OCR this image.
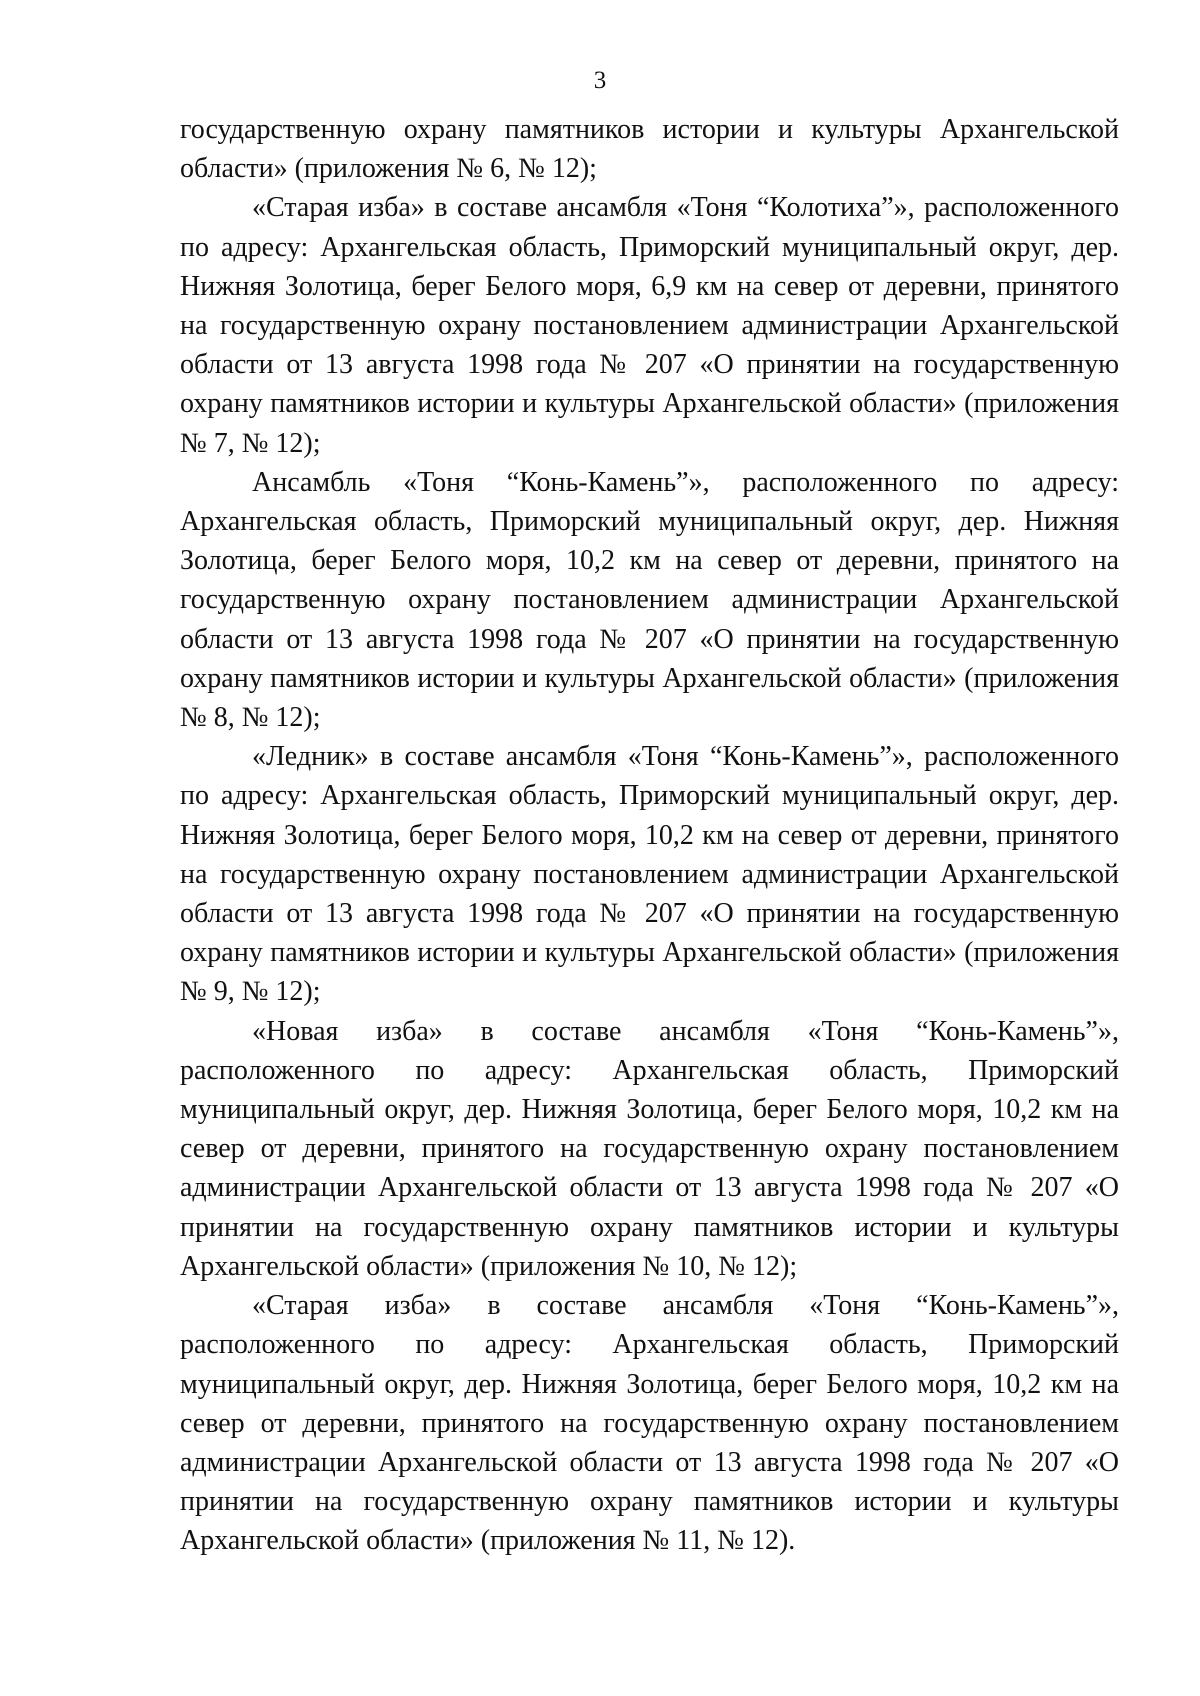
3

государственную охрану памятников истории и культуры Архангельской области» (приложения № 6, № 12);

«Старая изба» в составе ансамбля «Тоня “Колотиха”», расположенного по адресу: Архангельская область, Приморский муниципальный округ, дер. Нижняя Золотица, берег Белого моря, 6,9 км на север от деревни, принятого на государственную охрану постановлением администрации Архангельской области от 13 августа 1998 года № 207 «О принятии на государственную охрану памятников истории и культуры Архангельской области» (приложения № 7, № 12);

Ансамбль «Тоня “Конь-Камень”», расположенного по адресу: Архангельская область, Приморский муниципальный округ, дер. Нижняя Золотица, берег Белого моря, 10,2 км на север от деревни, принятого на государственную охрану постановлением администрации Архангельской области от 13 августа 1998 года № 207 «О принятии на государственную охрану памятников истории и культуры Архангельской области» (приложения № 8, № 12);

«Ледник» в составе ансамбля «Тоня “Конь-Камень”», расположенного по адресу: Архангельская область, Приморский муниципальный округ, дер. Нижняя Золотица, берег Белого моря, 10,2 км на север от деревни, принятого на государственную охрану постановлением администрации Архангельской области от 13 августа 1998 года № 207 «О принятии на государственную охрану памятников истории и культуры Архангельской области» (приложения № 9, № 12);

«Новая изба» в составе ансамбля «Тоня “Конь-Камень”», расположенного по адресу: Архангельская область, Приморский муниципальный округ, дер. Нижняя Золотица, берег Белого моря, 10,2 км на север от деревни, принятого на государственную охрану постановлением администрации Архангельской области от 13 августа 1998 года № 207 «О принятии на государственную охрану памятников истории и культуры Архангельской области» (приложения № 10, № 12);

«Старая изба» в составе ансамбля «Тоня “Конь-Камень”», расположенного по адресу: Архангельская область, Приморский муниципальный округ, дер. Нижняя Золотица, берег Белого моря, 10,2 км на север от деревни, принятого на государственную охрану постановлением администрации Архангельской области от 13 августа 1998 года № 207 «О принятии на государственную охрану памятников истории и культуры Архангельской области» (приложения № 11, № 12).
